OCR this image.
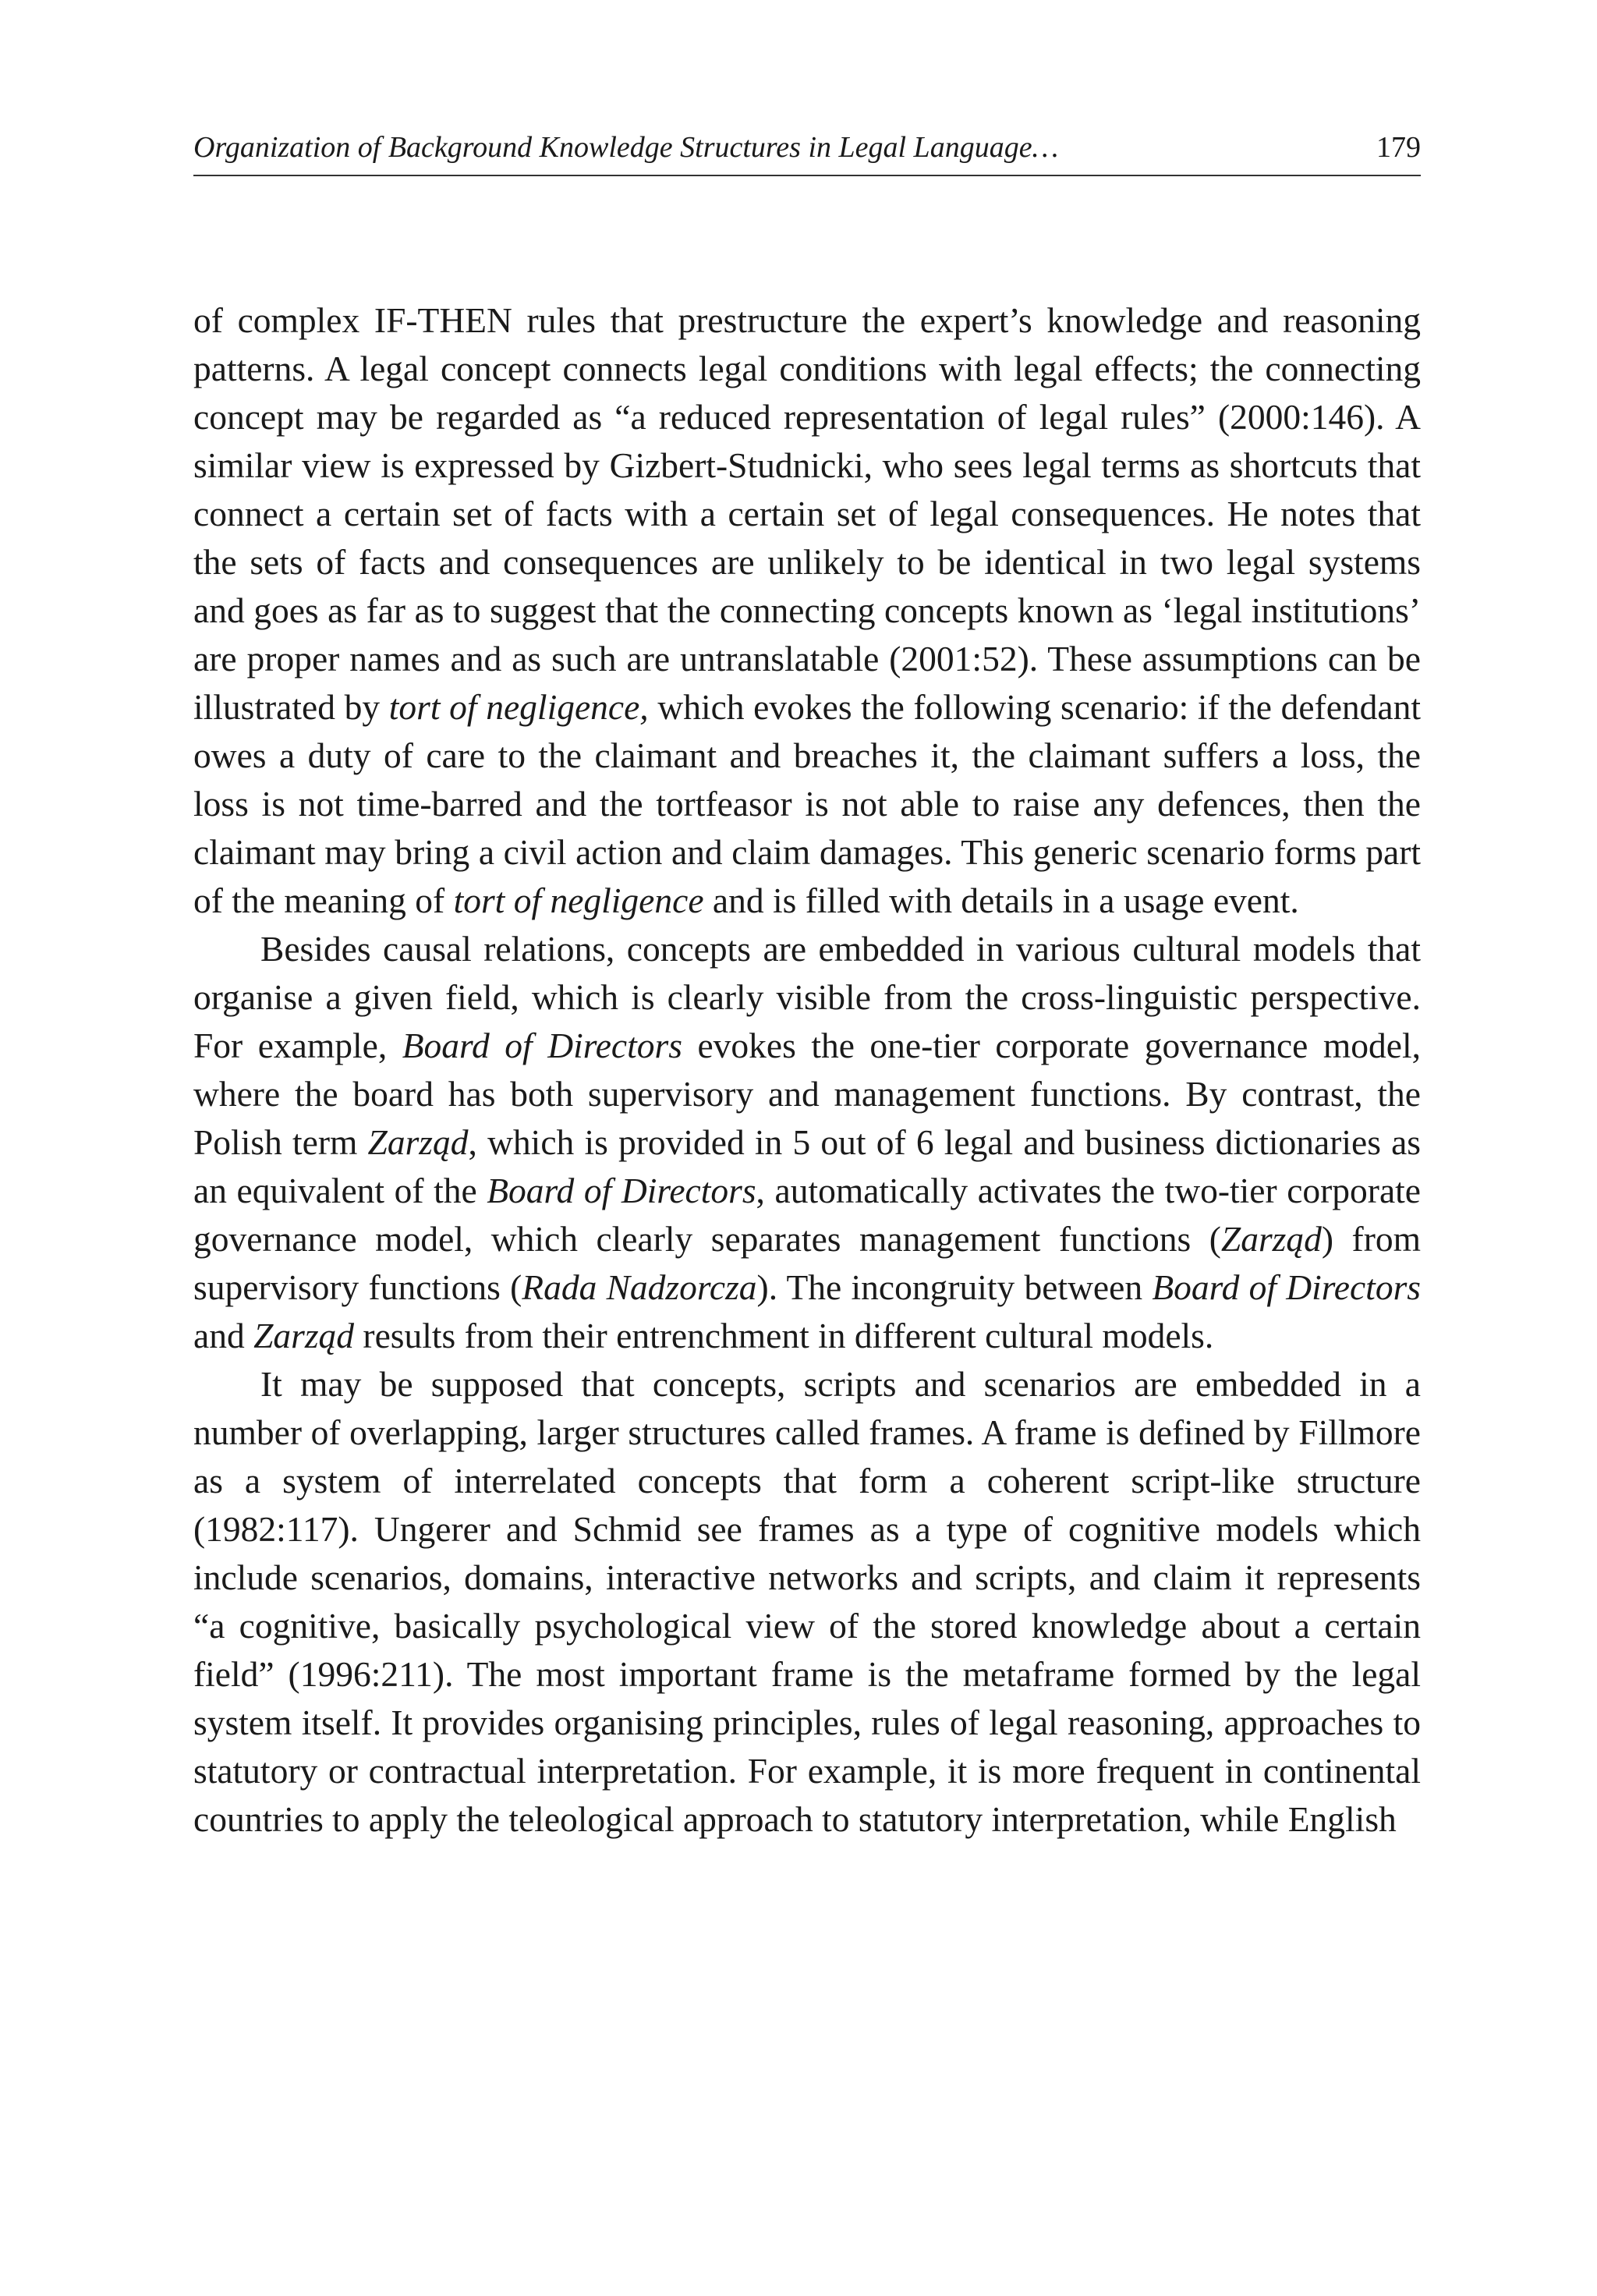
Organization of Background Knowledge Structures in Legal Language…	179

of complex IF-THEN rules that prestructure the expert’s knowledge and reasoning patterns. A legal concept connects legal conditions with legal effects; the connecting concept may be regarded as “a reduced representation of legal rules” (2000:146). A similar view is expressed by Gizbert-Studnicki, who sees legal terms as shortcuts that connect a certain set of facts with a certain set of legal consequences. He notes that the sets of facts and consequences are unlikely to be identical in two legal systems and goes as far as to suggest that the connecting concepts known as ‘legal institutions’ are proper names and as such are untranslatable (2001:52). These assumptions can be illustrated by tort of negligence, which evokes the following scenario: if the defendant owes a duty of care to the claimant and breaches it, the claimant suffers a loss, the loss is not time-barred and the tortfeasor is not able to raise any defences, then the claimant may bring a civil action and claim damages. This generic scenario forms part of the meaning of tort of negligence and is filled with details in a usage event.

Besides causal relations, concepts are embedded in various cultural models that organise a given field, which is clearly visible from the cross-linguistic perspective. For example, Board of Directors evokes the one-tier corporate governance model, where the board has both supervisory and management functions. By contrast, the Polish term Zarząd, which is provided in 5 out of 6 legal and business dictionaries as an equivalent of the Board of Directors, automatically activates the two-tier corporate governance model, which clearly separates management functions (Zarząd) from supervisory functions (Rada Nadzorcza). The incongruity between Board of Directors and Zarząd results from their entrenchment in different cultural models.

It may be supposed that concepts, scripts and scenarios are embedded in a number of overlapping, larger structures called frames. A frame is defined by Fillmore as a system of interrelated concepts that form a coherent script-like structure (1982:117). Ungerer and Schmid see frames as a type of cognitive models which include scenarios, domains, interactive networks and scripts, and claim it represents “a cognitive, basically psychological view of the stored knowledge about a certain field” (1996:211). The most important frame is the metaframe formed by the legal system itself. It provides organising principles, rules of legal reasoning, approaches to statutory or contractual interpretation. For example, it is more frequent in continental countries to apply the teleological approach to statutory interpretation, while English
